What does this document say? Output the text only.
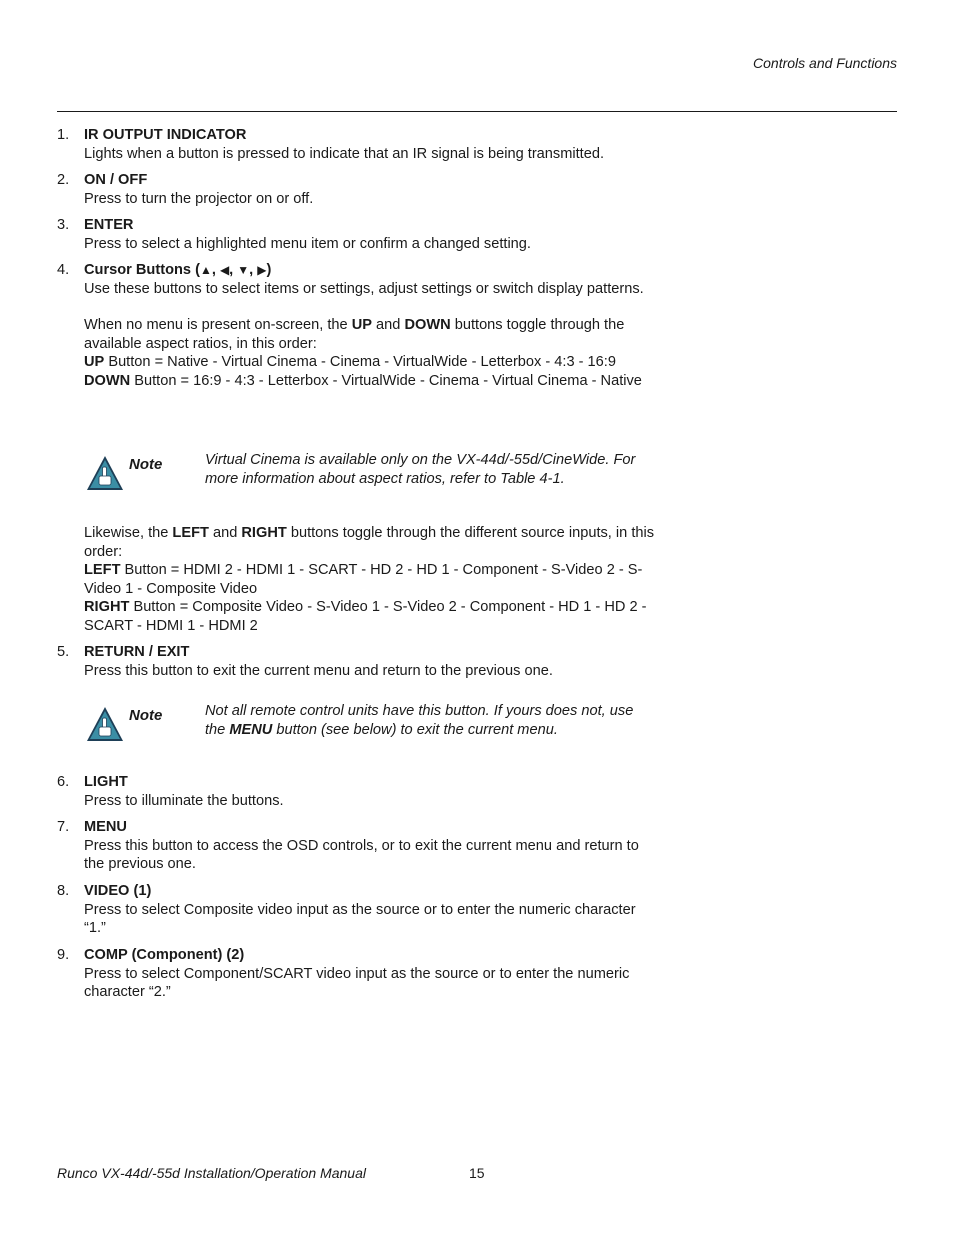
Controls and Functions
1. IR OUTPUT INDICATOR

Lights when a button is pressed to indicate that an IR signal is being transmitted.

2. ON / OFF

Press to turn the projector on or off.

3. ENTER

Press to select a highlighted menu item or confirm a changed setting.

4. Cursor Buttons (▲, ◀, ▼, ▶)

Use these buttons to select items or settings, adjust settings or switch display patterns.

When no menu is present on-screen, the UP and DOWN buttons toggle through the available aspect ratios, in this order:

UP Button = Native - Virtual Cinema - Cinema - VirtualWide - Letterbox - 4:3 - 16:9

DOWN Button = 16:9 - 4:3 - Letterbox - VirtualWide - Cinema - Virtual Cinema - Native

Note	Virtual Cinema is available only on the VX-44d/-55d/CineWide. For more information about aspect ratios, refer to Table 4-1.

Likewise, the LEFT and RIGHT buttons toggle through the different source inputs, in this order:

LEFT Button = HDMI 2 - HDMI 1 - SCART - HD 2 - HD 1 - Component - S-Video 2 - S-Video 1 - Composite Video

RIGHT Button = Composite Video - S-Video 1 - S-Video 2 - Component - HD 1 - HD 2 - SCART - HDMI 1 - HDMI 2

5. RETURN / EXIT

Press this button to exit the current menu and return to the previous one.

Note	Not all remote control units have this button. If yours does not, use the MENU button (see below) to exit the current menu.
6. LIGHT

Press to illuminate the buttons.

7. MENU

Press this button to access the OSD controls, or to exit the current menu and return to the previous one.

8. VIDEO (1)

Press to select Composite video input as the source or to enter the numeric character “1.”

9. COMP (Component) (2)

Press to select Component/SCART video input as the source or to enter the numeric character “2.”

Runco VX-44d/-55d Installation/Operation Manual	15
